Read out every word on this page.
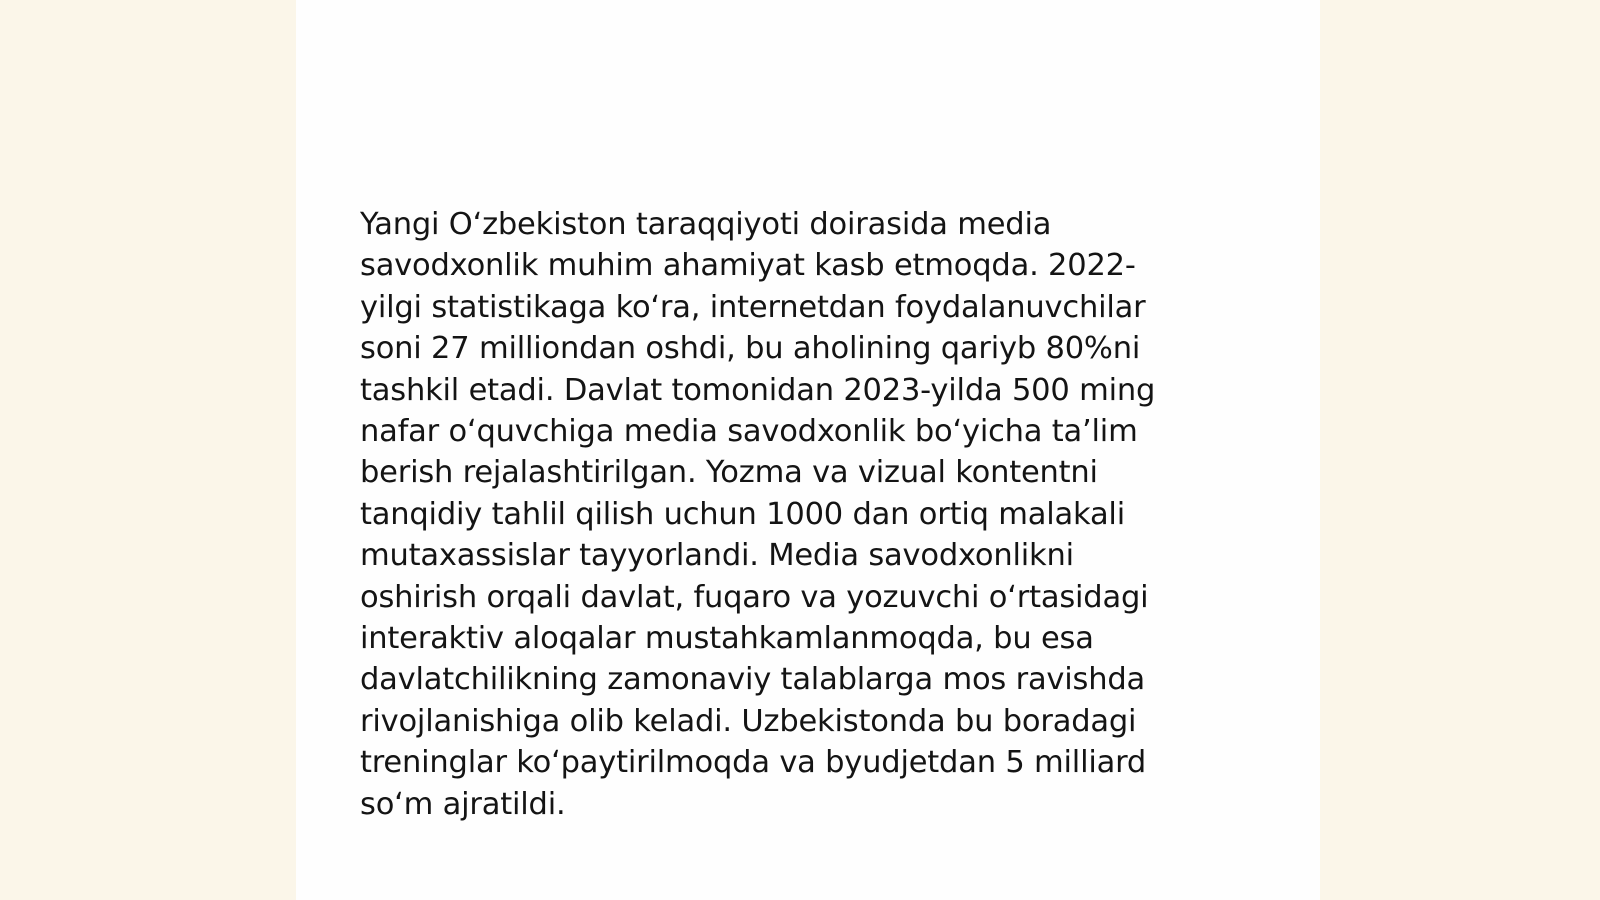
Yangi O‘zbekiston taraqqiyoti doirasida media
savodxonlik muhim ahamiyat kasb etmoqda. 2022-
yilgi statistikaga ko‘ra, internetdan foydalanuvchilar
soni 27 milliondan oshdi, bu aholining qariyb 80%ni
tashkil etadi. Davlat tomonidan 2023-yilda 500 ming
nafar o‘quvchiga media savodxonlik bo‘yicha ta’lim
berish rejalashtirilgan. Yozma va vizual kontentni
tanqidiy tahlil qilish uchun 1000 dan ortiq malakali
mutaxassislar tayyorlandi. Media savodxonlikni
oshirish orqali davlat, fuqaro va yozuvchi o‘rtasidagi
interaktiv aloqalar mustahkamlanmoqda, bu esa
davlatchilikning zamonaviy talablarga mos ravishda
rivojlanishiga olib keladi. Uzbekistonda bu boradagi
treninglar ko‘paytirilmoqda va byudjetdan 5 milliard
so‘m ajratildi.
